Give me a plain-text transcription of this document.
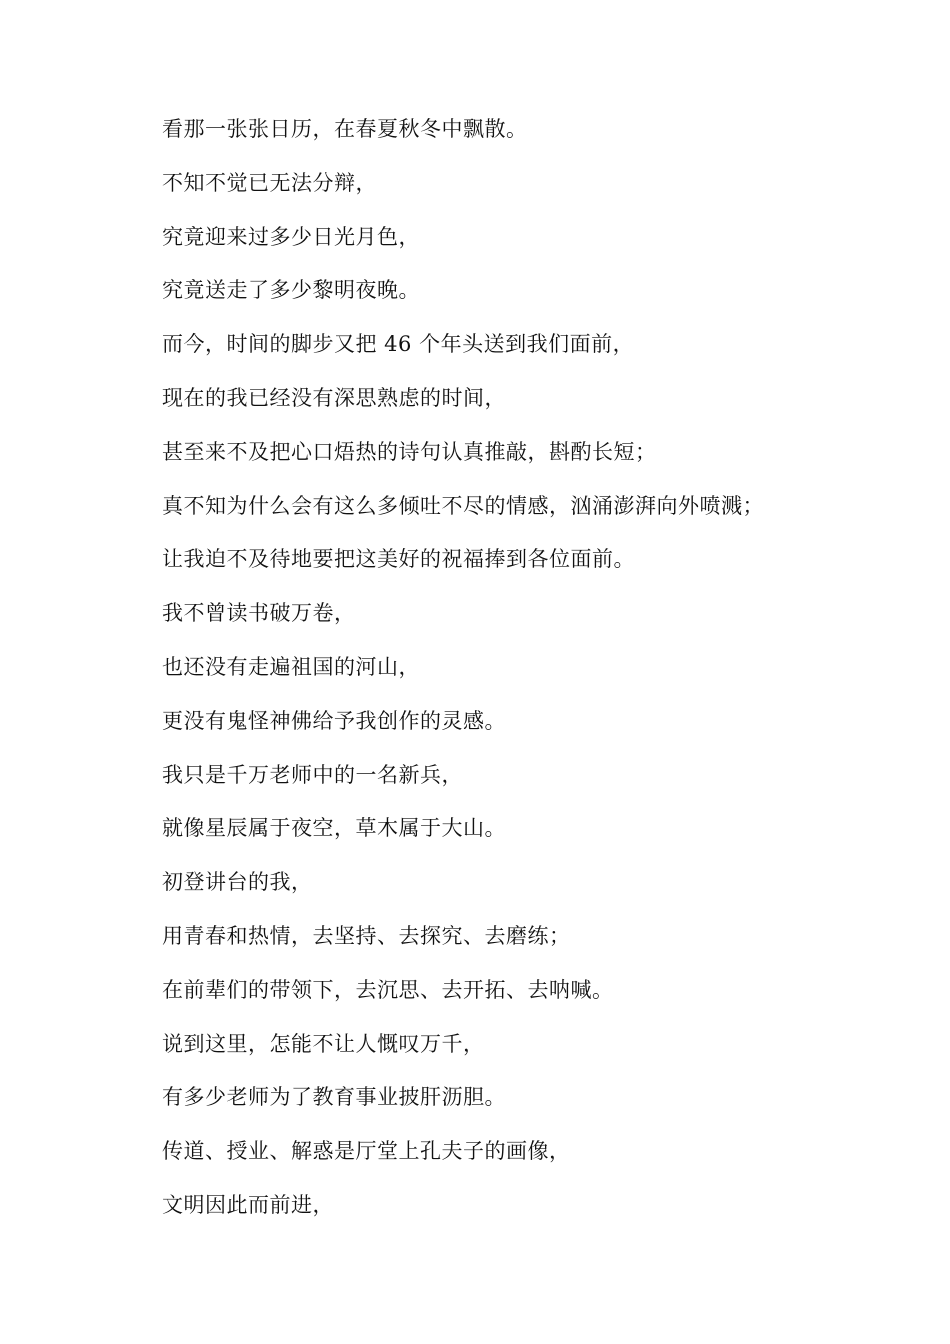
看那一张张日历，在春夏秋冬中飘散。

不知不觉已无法分辩，

究竟迎来过多少日光月色，

究竟送走了多少黎明夜晚。

而今，时间的脚步又把 46 个年头送到我们面前，

现在的我已经没有深思熟虑的时间，

甚至来不及把心口焐热的诗句认真推敲，斟酌长短；

真不知为什么会有这么多倾吐不尽的情感，汹涌澎湃向外喷溅；

让我迫不及待地要把这美好的祝福捧到各位面前。

我不曾读书破万卷，

也还没有走遍祖国的河山，

更没有鬼怪神佛给予我创作的灵感。

我只是千万老师中的一名新兵，

就像星辰属于夜空，草木属于大山。

初登讲台的我，

用青春和热情，去坚持、去探究、去磨练；

在前辈们的带领下，去沉思、去开拓、去呐喊。

说到这里，怎能不让人慨叹万千，

有多少老师为了教育事业披肝沥胆。

传道、授业、解惑是厅堂上孔夫子的画像，

文明因此而前进，
